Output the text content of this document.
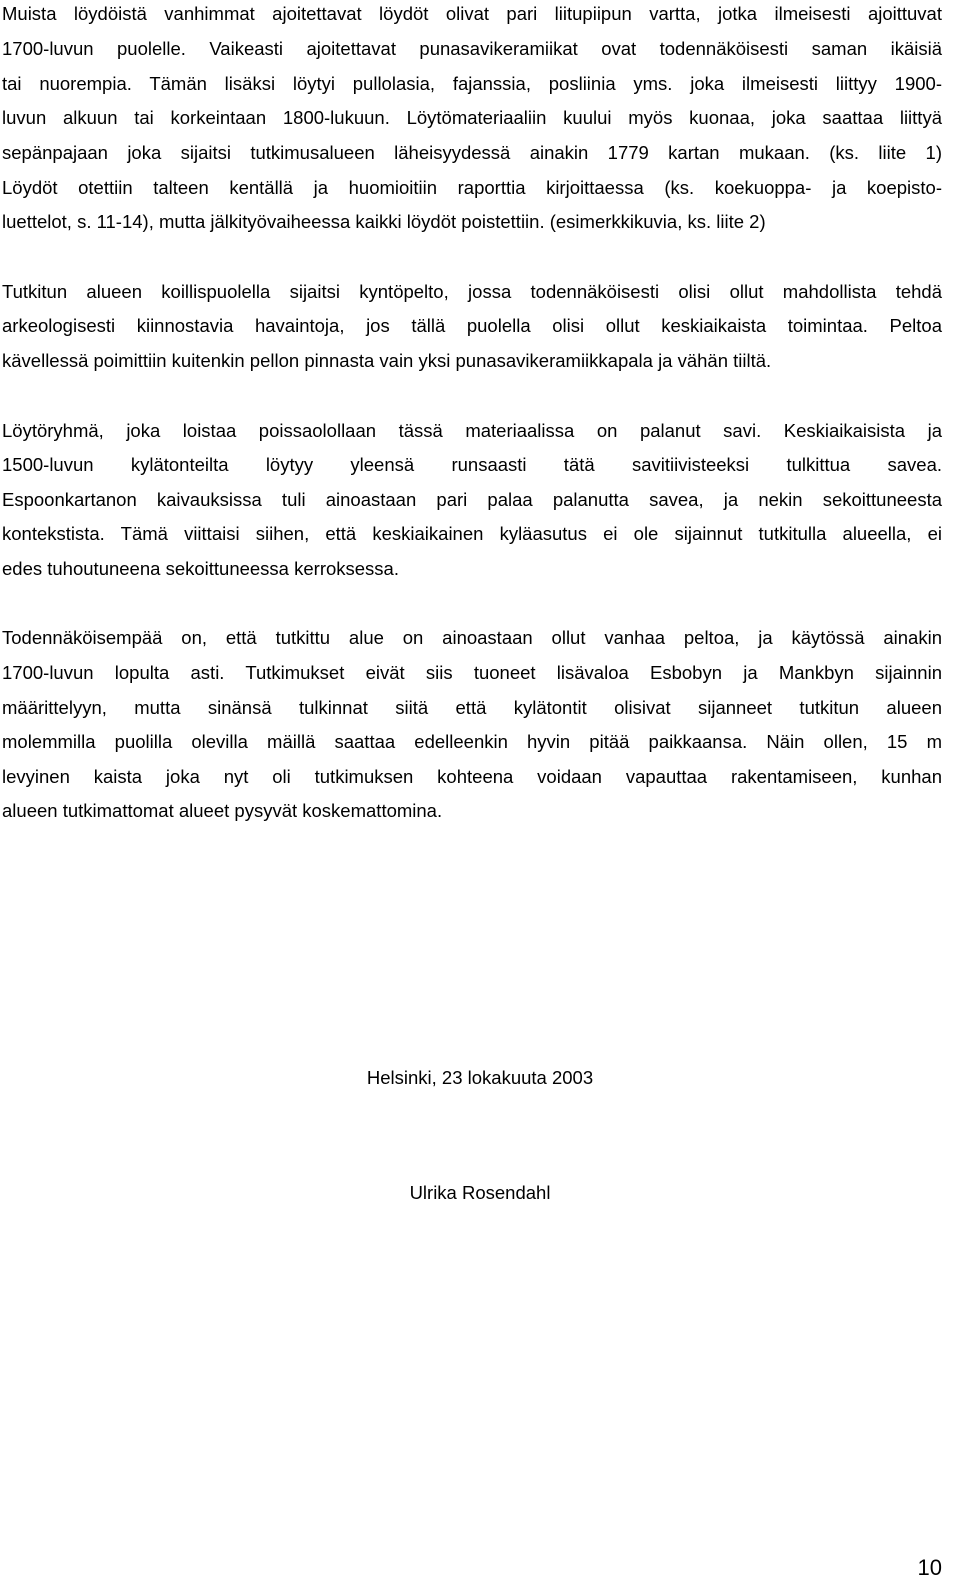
Muista löydöistä vanhimmat ajoitettavat löydöt olivat pari liitupiipun vartta, jotka ilmeisesti ajoittuvat

1700-luvun puolelle. Vaikeasti ajoitettavat punasavikeramiikat ovat todennäköisesti saman ikäisiä

tai nuorempia. Tämän lisäksi löytyi pullolasia, fajanssia, posliinia yms. joka ilmeisesti liittyy 1900-

luvun alkuun tai korkeintaan 1800-lukuun. Löytömateriaaliin kuului myös kuonaa, joka saattaa liittyä

sepänpajaan joka sijaitsi tutkimusalueen läheisyydessä ainakin 1779 kartan mukaan. (ks. liite 1)

Löydöt otettiin talteen kentällä ja huomioitiin raporttia kirjoittaessa (ks. koekuoppa- ja koepisto-

luettelot, s. 11-14), mutta jälkityövaiheessa kaikki löydöt poistettiin. (esimerkkikuvia, ks. liite 2)

Tutkitun alueen koillispuolella sijaitsi kyntöpelto, jossa todennäköisesti olisi ollut mahdollista tehdä

arkeologisesti kiinnostavia havaintoja, jos tällä puolella olisi ollut keskiaikaista toimintaa. Peltoa

kävellessä poimittiin kuitenkin pellon pinnasta vain yksi punasavikeramiikkapala ja vähän tiiltä.

Löytöryhmä, joka loistaa poissaolollaan tässä materiaalissa on palanut savi. Keskiaikaisista ja

1500-luvun kylätonteilta löytyy yleensä runsaasti tätä savitiivisteeksi tulkittua savea.

Espoonkartanon kaivauksissa tuli ainoastaan pari palaa palanutta savea, ja nekin sekoittuneesta

kontekstista. Tämä viittaisi siihen, että keskiaikainen kyläasutus ei ole sijainnut tutkitulla alueella, ei

edes tuhoutuneena sekoittuneessa kerroksessa.

Todennäköisempää on, että tutkittu alue on ainoastaan ollut vanhaa peltoa, ja käytössä ainakin

1700-luvun lopulta asti. Tutkimukset eivät siis tuoneet lisävaloa Esbobyn ja Mankbyn sijainnin

määrittelyyn, mutta sinänsä tulkinnat siitä että kylätontit olisivat sijanneet tutkitun alueen

molemmilla puolilla olevilla mäillä saattaa edelleenkin hyvin pitää paikkaansa. Näin ollen, 15 m

levyinen kaista joka nyt oli tutkimuksen kohteena voidaan vapauttaa rakentamiseen, kunhan

alueen tutkimattomat alueet pysyvät koskemattomina.

Helsinki, 23 lokakuuta 2003
Ulrika Rosendahl
10
